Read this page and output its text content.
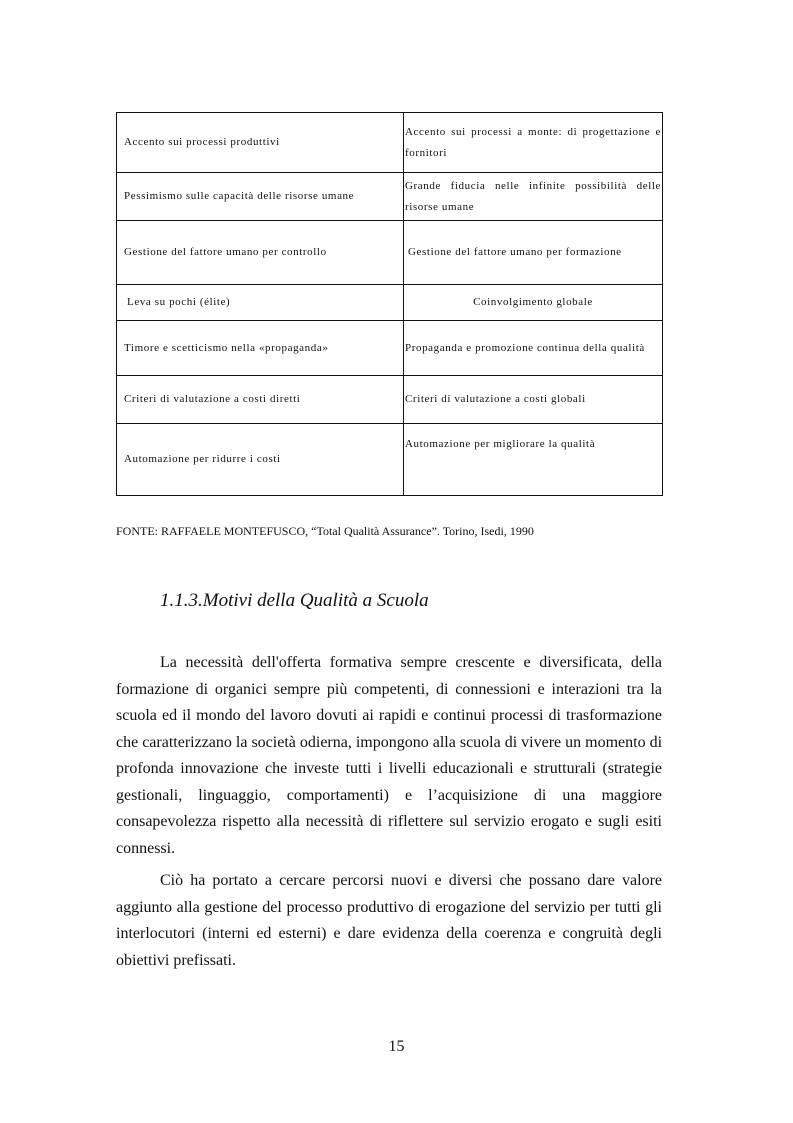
Accento sui processi produttivi	Accento sui processi a monte: di progettazione e fornitori
Pessimismo sulle capacità delle risorse umane	Grande fiducia nelle infinite possibilità delle risorse umane
Gestione del fattore umano per controllo	Gestione del fattore umano per formazione
Leva su pochi (élite)	Coinvolgimento globale
Timore e scetticismo nella «propaganda»	Propaganda e promozione continua della qualità
Criteri di valutazione a costi diretti	Criteri di valutazione a costi globali
Automazione per ridurre i costi	Automazione per migliorare la qualità
FONTE: RAFFAELE MONTEFUSCO, “Total Qualità Assurance”. Torino, Isedi, 1990
1.1.3.Motivi della Qualità a Scuola

La necessità dell'offerta formativa sempre crescente e diversificata, della formazione di organici sempre più competenti, di connessioni e interazioni tra la scuola ed il mondo del lavoro dovuti ai rapidi e continui processi di trasformazione che caratterizzano la società odierna, impongono alla scuola di vivere un momento di profonda innovazione che investe tutti i livelli educazionali e strutturali (strategie gestionali, linguaggio, comportamenti) e l’acquisizione di una maggiore consapevolezza rispetto alla necessità di riflettere sul servizio erogato e sugli esiti connessi.

Ciò ha portato a cercare percorsi nuovi e diversi che possano dare valore aggiunto alla gestione del processo produttivo di erogazione del servizio per tutti gli interlocutori (interni ed esterni) e dare evidenza della coerenza e congruità degli obiettivi prefissati.

15
